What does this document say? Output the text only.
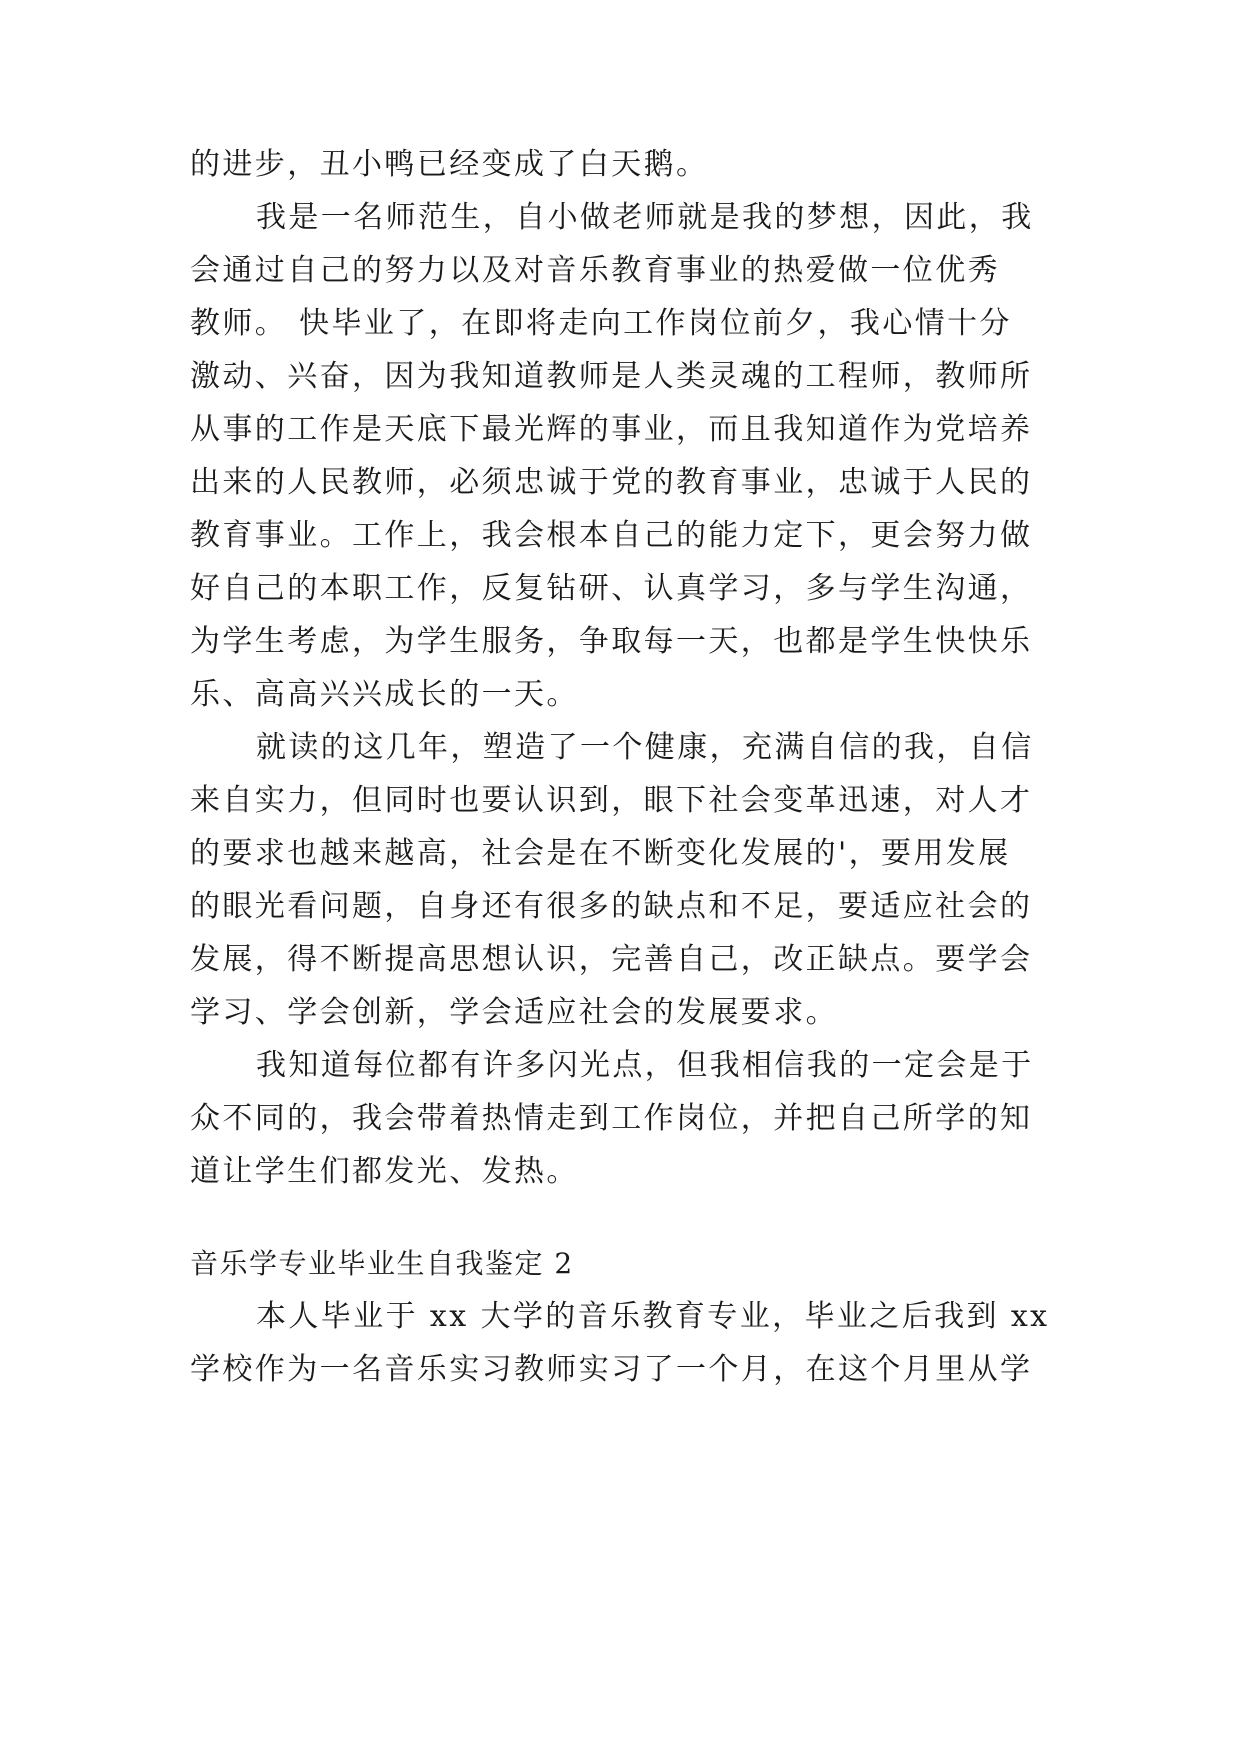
的进步，丑小鸭已经变成了白天鹅。
我是一名师范生，自小做老师就是我的梦想，因此，我
会通过自己的努力以及对音乐教育事业的热爱做一位优秀
教师。 快毕业了，在即将走向工作岗位前夕，我心情十分
激动、兴奋，因为我知道教师是人类灵魂的工程师，教师所
从事的工作是天底下最光辉的事业，而且我知道作为党培养
出来的人民教师，必须忠诚于党的教育事业，忠诚于人民的
教育事业。工作上，我会根本自己的能力定下，更会努力做
好自己的本职工作，反复钻研、认真学习，多与学生沟通，
为学生考虑，为学生服务，争取每一天，也都是学生快快乐
乐、高高兴兴成长的一天。
就读的这几年，塑造了一个健康，充满自信的我，自信
来自实力，但同时也要认识到，眼下社会变革迅速，对人才
的要求也越来越高，社会是在不断变化发展的'，要用发展
的眼光看问题，自身还有很多的缺点和不足，要适应社会的
发展，得不断提高思想认识，完善自己，改正缺点。要学会
学习、学会创新，学会适应社会的发展要求。
我知道每位都有许多闪光点，但我相信我的一定会是于
众不同的，我会带着热情走到工作岗位，并把自己所学的知
道让学生们都发光、发热。
音乐学专业毕业生自我鉴定 2
本人毕业于 xx 大学的音乐教育专业，毕业之后我到 xx
学校作为一名音乐实习教师实习了一个月，在这个月里从学
